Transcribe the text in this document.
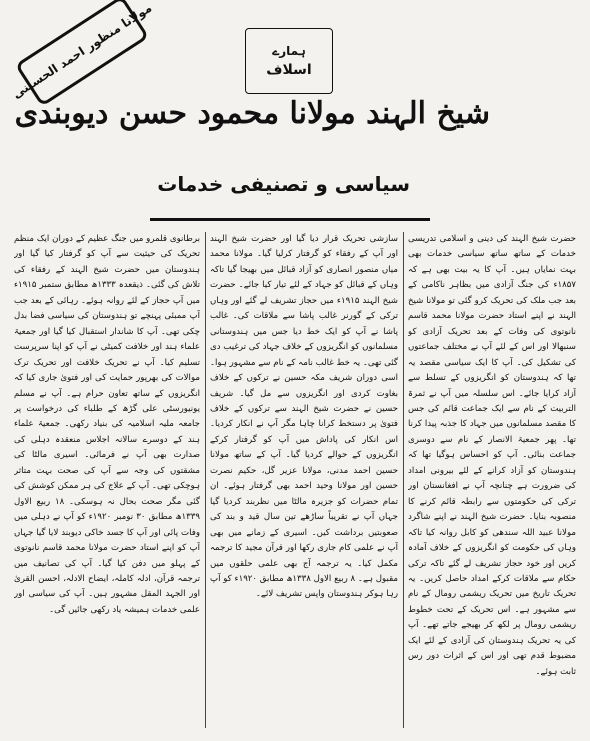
مولانا منظور احمد الحسینی	ہمارے
اسلاف
شیخ الہند مولانا محمود حسن دیوبندی
سیاسی و تصنیفی خدمات

حضرت شیخ الہند کی دینی و اسلامی تدریسی خدمات کے ساتھ ساتھ سیاسی خدمات بھی بہت نمایاں ہیں۔ آپ کا یہ بیت بھی ہے کہ ۱۸۵۷ء کی جنگ آزادی میں بظاہر ناکامی کے بعد جب ملک کی تحریک کرو گئی تو مولانا شیخ الہند نے اپنے استاد حضرت مولانا محمد قاسم نانوتوی کی وفات کے بعد تحریک آزادی کو سنبھالا اور اس کے لئے آپ نے مختلف جماعتوں کی تشکیل کی۔ آپ کا ایک سیاسی مقصد یہ تھا کہ ہندوستان کو انگریزوں کے تسلط سے آزاد کرایا جائے۔ اس سلسلہ میں آپ نے ثمرۃ التربیت کے نام سے ایک جماعت قائم کی جس کا مقصد مسلمانوں میں جہاد کا جذبہ پیدا کرنا تھا۔ پھر جمعیۃ الانصار کے نام سے دوسری جماعت بنائی۔ آپ کو احساس ہوگیا تھا کہ ہندوستان کو آزاد کرانے کے لئے بیرونی امداد کی ضرورت ہے چنانچہ آپ نے افغانستان اور ترکی کی حکومتوں سے رابطہ قائم کرنے کا منصوبہ بنایا۔ حضرت شیخ الہند نے اپنے شاگرد مولانا عبید اللہ سندھی کو کابل روانہ کیا تاکہ وہاں کی حکومت کو انگریزوں کے خلاف آمادہ کریں اور خود حجاز تشریف لے گئے تاکہ ترکی حکام سے ملاقات کرکے امداد حاصل کریں۔ یہ تحریک تاریخ میں تحریک ریشمی رومال کے نام سے مشہور ہے۔ اس تحریک کے تحت خطوط ریشمی رومال پر لکھ کر بھیجے جاتے تھے۔ آپ کی یہ تحریک ہندوستان کی آزادی کے لئے ایک مضبوط قدم تھی اور اس کے اثرات دور رس ثابت ہوئے۔

سازشی تحریک قرار دیا گیا اور حضرت شیخ الہند اور آپ کے رفقاء کو گرفتار کرلیا گیا۔ مولانا محمد میاں منصور انصاری کو آزاد قبائل میں بھیجا گیا تاکہ وہاں کے قبائل کو جہاد کے لئے تیار کیا جائے۔ حضرت شیخ الہند ۱۹۱۵ء میں حجاز تشریف لے گئے اور وہاں ترکی کے گورنر غالب پاشا سے ملاقات کی۔ غالب پاشا نے آپ کو ایک خط دیا جس میں ہندوستانی مسلمانوں کو انگریزوں کے خلاف جہاد کی ترغیب دی گئی تھی۔ یہ خط غالب نامہ کے نام سے مشہور ہوا۔ اسی دوران شریف مکہ حسین نے ترکوں کے خلاف بغاوت کردی اور انگریزوں سے مل گیا۔ شریف حسین نے حضرت شیخ الہند سے ترکوں کے خلاف فتویٰ پر دستخط کرانا چاہا مگر آپ نے انکار کردیا۔ اس انکار کی پاداش میں آپ کو گرفتار کرکے انگریزوں کے حوالے کردیا گیا۔ آپ کے ساتھ مولانا حسین احمد مدنی، مولانا عزیر گل، حکیم نصرت حسین اور مولانا وحید احمد بھی گرفتار ہوئے۔ ان تمام حضرات کو جزیرہ مالٹا میں نظربند کردیا گیا جہاں آپ نے تقریباً ساڑھے تین سال قید و بند کی صعوبتیں برداشت کیں۔ اسیری کے زمانے میں بھی آپ نے علمی کام جاری رکھا اور قرآن مجید کا ترجمہ مکمل کیا۔ یہ ترجمہ آج بھی علمی حلقوں میں مقبول ہے۔ ۸ ربیع الاول ۱۳۳۸ھ مطابق ۱۹۲۰ء کو آپ رہا ہوکر ہندوستان واپس تشریف لائے۔

برطانوی قلمرو میں جنگ عظیم کے دوران ایک منظم تحریک کی حیثیت سے آپ کو گرفتار کیا گیا اور ہندوستان میں حضرت شیخ الہند کے رفقاء کی تلاش کی گئی۔ ذیقعدہ ۱۳۳۳ھ مطابق ستمبر ۱۹۱۵ء میں آپ حجاز کے لئے روانہ ہوئے۔ رہائی کے بعد جب آپ ممبئی پہنچے تو ہندوستان کی سیاسی فضا بدل چکی تھی۔ آپ کا شاندار استقبال کیا گیا اور جمعیۃ علماء ہند اور خلافت کمیٹی نے آپ کو اپنا سرپرست تسلیم کیا۔ آپ نے تحریک خلافت اور تحریک ترک موالات کی بھرپور حمایت کی اور فتویٰ جاری کیا کہ انگریزوں کے ساتھ تعاون حرام ہے۔ آپ نے مسلم یونیورسٹی علی گڑھ کے طلباء کی درخواست پر جامعہ ملیہ اسلامیہ کی بنیاد رکھی۔ جمعیۃ علماء ہند کے دوسرے سالانہ اجلاس منعقدہ دہلی کی صدارت بھی آپ نے فرمائی۔ اسیری مالٹا کی مشقتوں کی وجہ سے آپ کی صحت بہت متاثر ہوچکی تھی۔ آپ کے علاج کی ہر ممکن کوشش کی گئی مگر صحت بحال نہ ہوسکی۔ ۱۸ ربیع الاول ۱۳۳۹ھ مطابق ۳۰ نومبر ۱۹۲۰ء کو آپ نے دہلی میں وفات پائی اور آپ کا جسد خاکی دیوبند لایا گیا جہاں آپ کو اپنے استاد حضرت مولانا محمد قاسم نانوتوی کے پہلو میں دفن کیا گیا۔ آپ کی تصانیف میں ترجمہ قرآن، ادلہ کاملہ، ایضاح الادلہ، احسن القریٰ اور الجہد المقل مشہور ہیں۔ آپ کی سیاسی اور علمی خدمات ہمیشہ یاد رکھی جائیں گی۔
